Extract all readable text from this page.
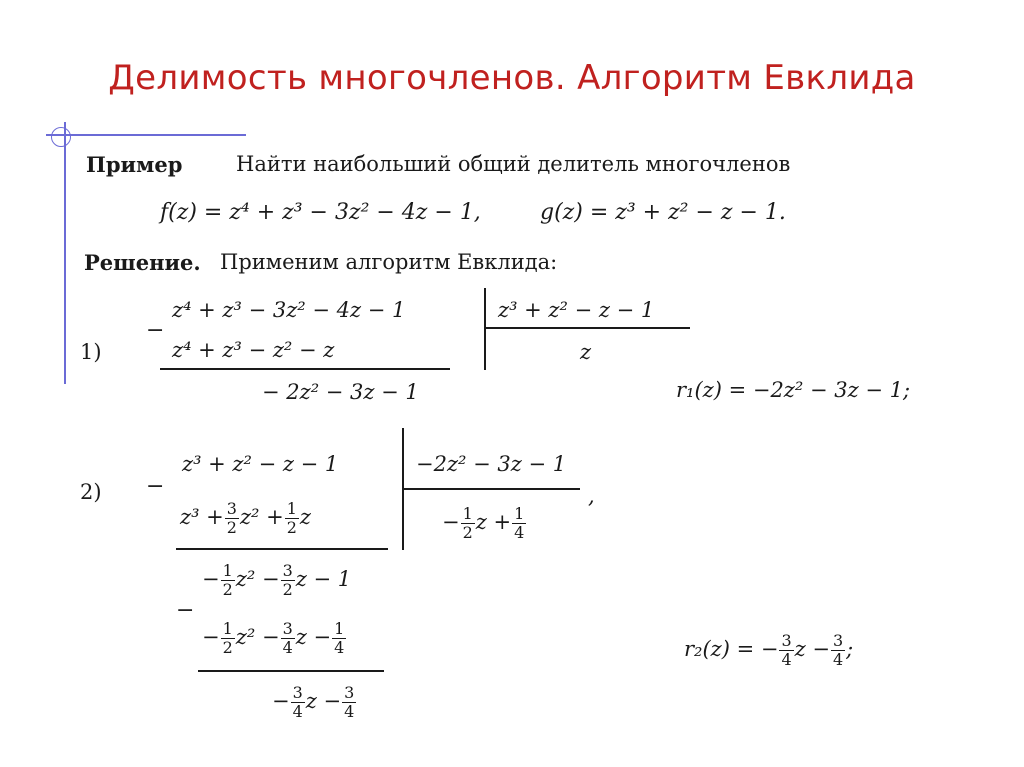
Делимость многочленов. Алгоритм Евклида
Пример	Найти наибольший общий делитель многочленов
f(z) = z⁴ + z³ − 3z² − 4z − 1,	g(z) = z³ + z² − z − 1.
Решение. Применим алгоритм Евклида:
1)
−
z⁴ + z³ − 3z² − 4z − 1
z⁴ + z³ − z² − z
− 2z² − 3z − 1
z³ + z² − z − 1
z
r₁(z) = −2z² − 3z − 1;
2) −
z³ + z² − z − 1	−2z² − 3z − 1
,
− $\frac{1}{2}$ $z + \frac{1}{4}$
$z^3 + \frac{3}{2} z^2 + \frac{1}{2}$ z
− $\frac{1}{2} z^2 - \frac{3}{2}$ z − 1
−
− $\frac{1}{2} z^2 - \frac{3}{4}$ $z - \frac{1}{4}$
− $\frac{3}{4}$ $z - \frac{3}{4}$
r₂(z) = − $\frac{3}{4}$ $z - \frac{3}{4}$ ;
